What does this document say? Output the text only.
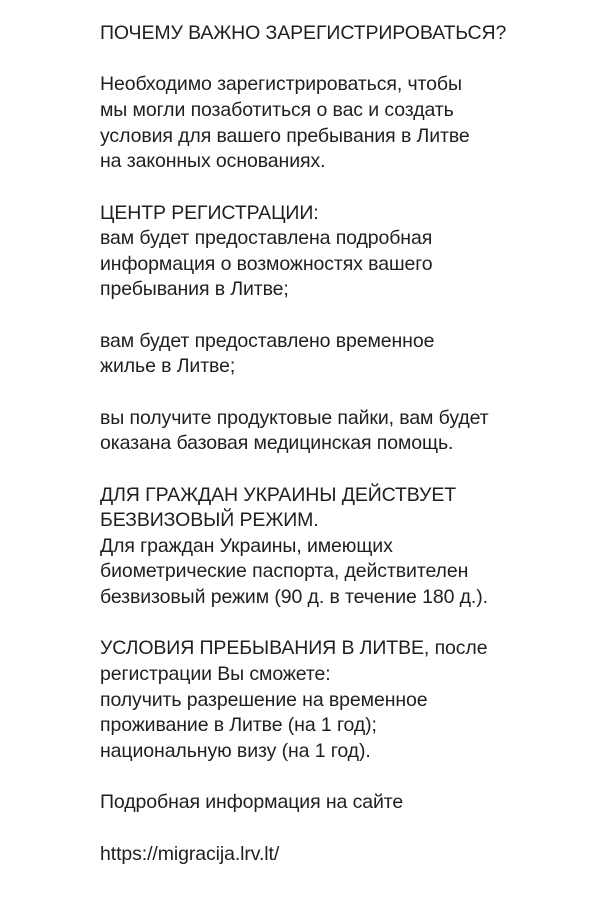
ПОЧЕМУ ВАЖНО ЗАРЕГИСТРИРОВАТЬСЯ?
Необходимо зарегистрироваться, чтобы
мы могли позаботиться о вас и создать
условия для вашего пребывания в Литве
на законных основаниях.
ЦЕНТР РЕГИСТРАЦИИ:
вам будет предоставлена подробная
информация о возможностях вашего
пребывания в Литве;
вам будет предоставлено временное
жилье в Литве;
вы получите продуктовые пайки, вам будет
оказана базовая медицинская помощь.
ДЛЯ ГРАЖДАН УКРАИНЫ ДЕЙСТВУЕТ
БЕЗВИЗОВЫЙ РЕЖИМ.
Для граждан Украины, имеющих
биометрические паспорта, действителен
безвизовый режим (90 д. в течение 180 д.).
УСЛОВИЯ ПРЕБЫВАНИЯ В ЛИТВЕ, после
регистрации Вы сможете:
получить разрешение на временное
проживание в Литве (на 1 год);
национальную визу (на 1 год).
Подробная информация на сайте
https://migracija.lrv.lt/
